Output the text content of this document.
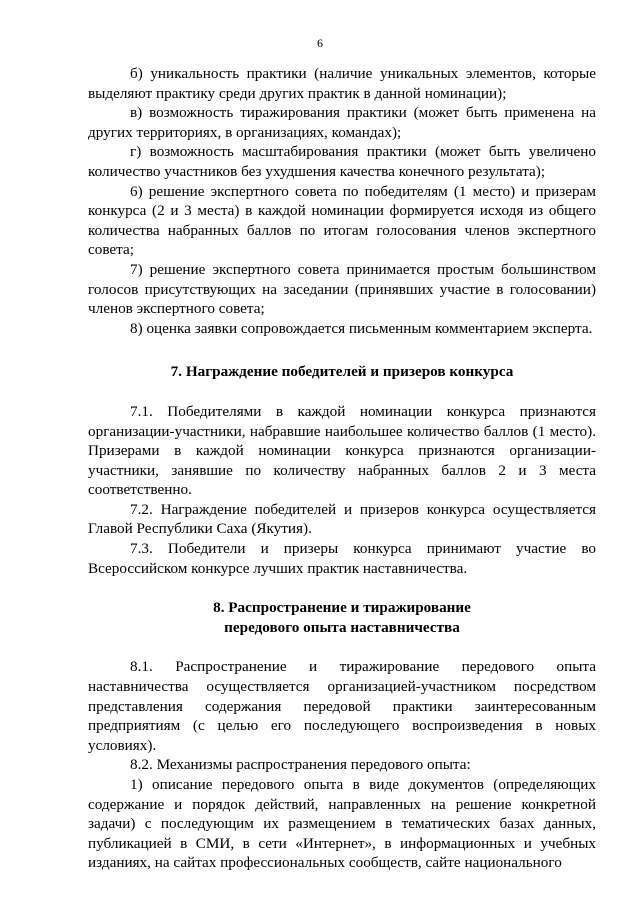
6

б) уникальность практики (наличие уникальных элементов, которые выделяют практику среди других практик в данной номинации);

в) возможность тиражирования практики (может быть применена на других территориях, в организациях, командах);

г) возможность масштабирования практики (может быть увеличено количество участников без ухудшения качества конечного результата);

6) решение экспертного совета по победителям (1 место) и призерам конкурса (2 и 3 места) в каждой номинации формируется исходя из общего количества набранных баллов по итогам голосования членов экспертного совета;

7) решение экспертного совета принимается простым большинством голосов присутствующих на заседании (принявших участие в голосовании) членов экспертного совета;

8) оценка заявки сопровождается письменным комментарием эксперта.

7. Награждение победителей и призеров конкурса

7.1. Победителями в каждой номинации конкурса признаются организации-участники, набравшие наибольшее количество баллов (1 место). Призерами в каждой номинации конкурса признаются организации-участники, занявшие по количеству набранных баллов 2 и 3 места соответственно.

7.2. Награждение победителей и призеров конкурса осуществляется Главой Республики Саха (Якутия).

7.3. Победители и призеры конкурса принимают участие во Всероссийском конкурсе лучших практик наставничества.

8. Распространение и тиражирование
передового опыта наставничества

8.1. Распространение и тиражирование передового опыта наставничества осуществляется организацией-участником посредством представления содержания передовой практики заинтересованным предприятиям (с целью его последующего воспроизведения в новых условиях).

8.2. Механизмы распространения передового опыта:

1) описание передового опыта в виде документов (определяющих содержание и порядок действий, направленных на решение конкретной задачи) с последующим их размещением в тематических базах данных, публикацией в СМИ, в сети «Интернет», в информационных и учебных изданиях, на сайтах профессиональных сообществ, сайте национального
